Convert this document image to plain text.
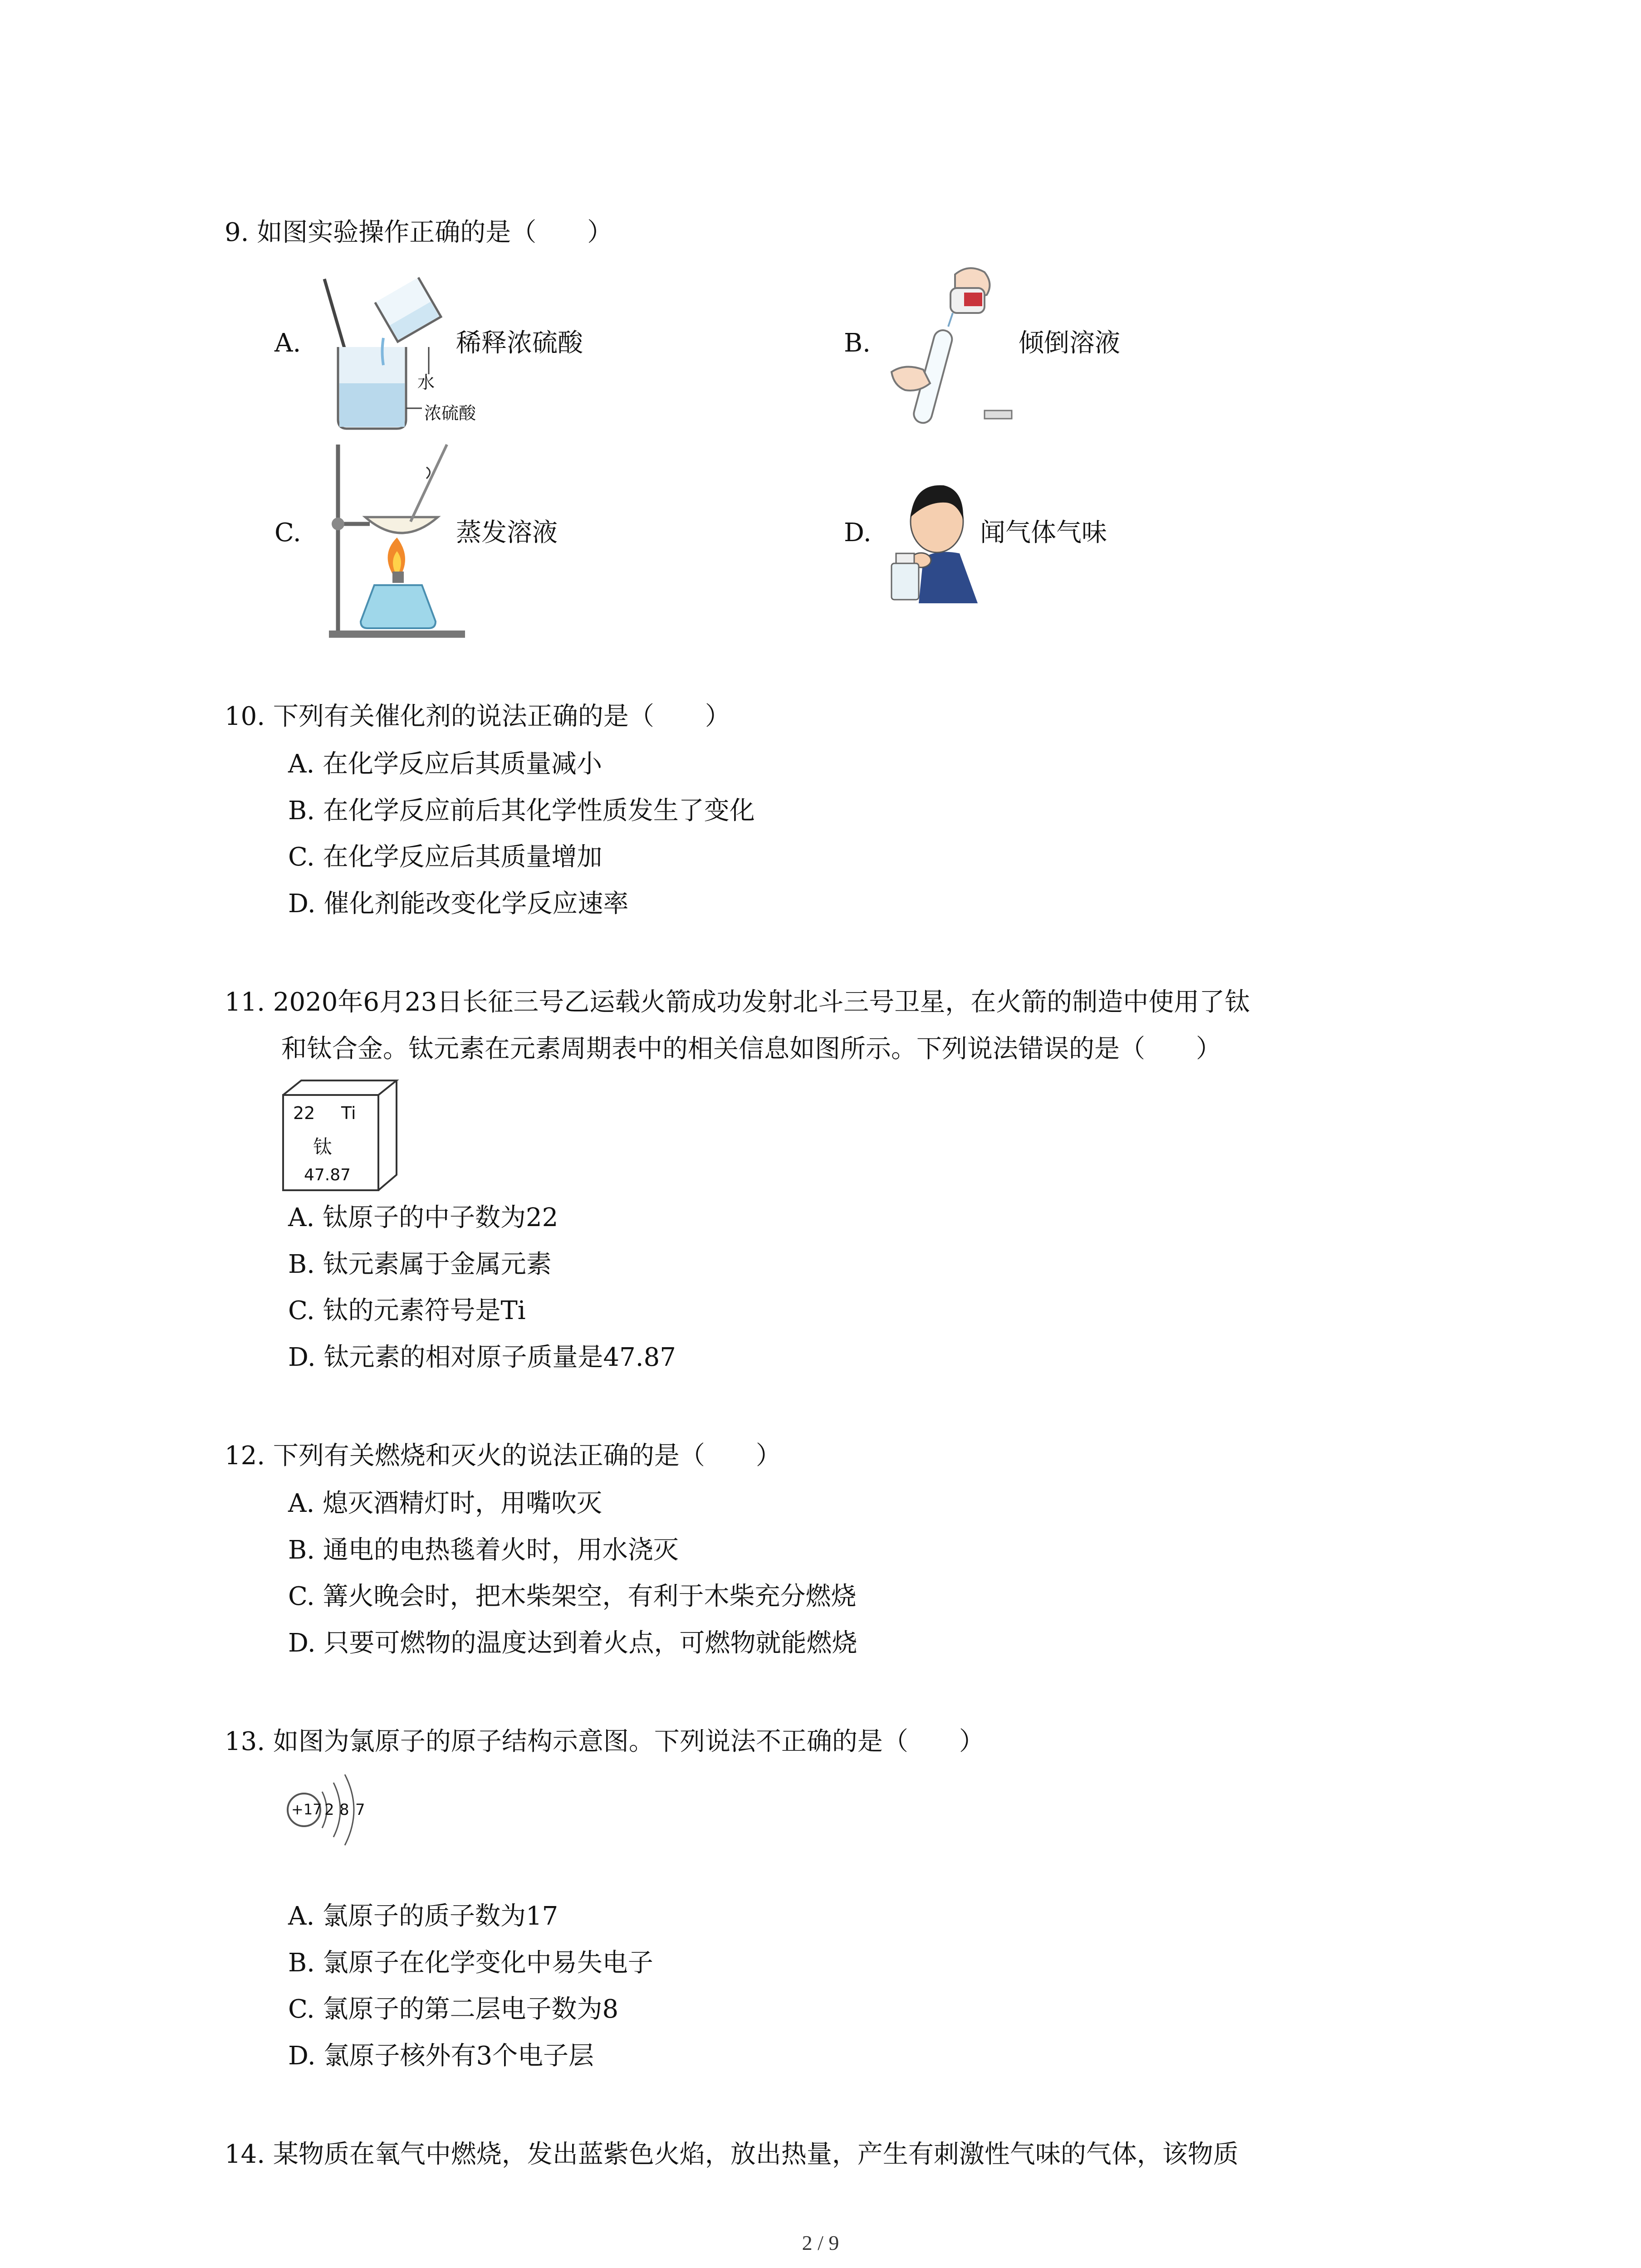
9. 如图实验操作正确的是（　　）
A.
水
浓硫酸
稀释浓硫酸	B.	倾倒溶液
C.	蒸发溶液	D.	闻气体气味
10. 下列有关催化剂的说法正确的是（　　）
A. 在化学反应后其质量减小
B. 在化学反应前后其化学性质发生了变化
C. 在化学反应后其质量增加
D. 催化剂能改变化学反应速率
11. 2020年6月23日长征三号乙运载火箭成功发射北斗三号卫星，在火箭的制造中使用了钛
和钛合金。钛元素在元素周期表中的相关信息如图所示。下列说法错误的是（　　）
22 Ti
钛
47.87
A. 钛原子的中子数为22
B. 钛元素属于金属元素
C. 钛的元素符号是Ti
D. 钛元素的相对原子质量是47.87
12. 下列有关燃烧和灭火的说法正确的是（　　）
A. 熄灭酒精灯时，用嘴吹灭
B. 通电的电热毯着火时，用水浇灭
C. 篝火晚会时，把木柴架空，有利于木柴充分燃烧
D. 只要可燃物的温度达到着火点，可燃物就能燃烧
13. 如图为氯原子的原子结构示意图。下列说法不正确的是（　　）
+17 2 8 7
A. 氯原子的质子数为17
B. 氯原子在化学变化中易失电子
C. 氯原子的第二层电子数为8
D. 氯原子核外有3个电子层
14. 某物质在氧气中燃烧，发出蓝紫色火焰，放出热量，产生有刺激性气味的气体，该物质
2 / 9
